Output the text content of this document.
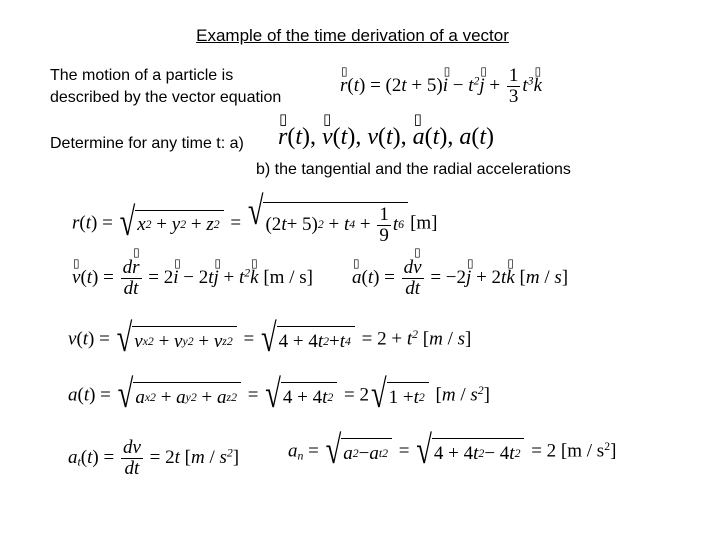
Example of the time derivation of a vector
The motion of a particle is
described by the vector equation
▯ r(t) = (2t + 5)▯ $i - t^2▯$ $j + \frac{1}{3}$ $t^3▯$ k
Determine for any time t: a) ▯ r(t), ▯ v(t), v(t), ▯ a(t), a(t)
b) the tangential and the radial accelerations
r(t) = √ x 2 + y 2 + z 2 = √ (2 t + 5) 2 + t $4 + \frac{1}{9}$ t 6 [m]
▯ $v(t) = \frac{d▯ r}{dt}$ = 2▯ i − 2t▯ $j + t^2▯$ k [m / s] ▯ $a(t) = \frac{d▯ v}{dt}$ = −2▯ j + 2t▯ k [m / s]
v(t) = √ v x 2 + v y 2 + v z 2 = √ 4 + 4 t 2 + t $4 = 2 + t^2$ [m / s]
a(t) = √ a x 2 + a y 2 + a z 2 = √ 4 + 4 t 2 = 2 √ 1 + t 2 $[m / s^2]$
$a_t(t) = \frac{dv}{dt} = 2t$ $[m / s^2]$	$a_n$ = √ a 2 − a t 2 = √ 4 + 4 t 2 − 4 t 2 = 2 $[m / s^2]$
